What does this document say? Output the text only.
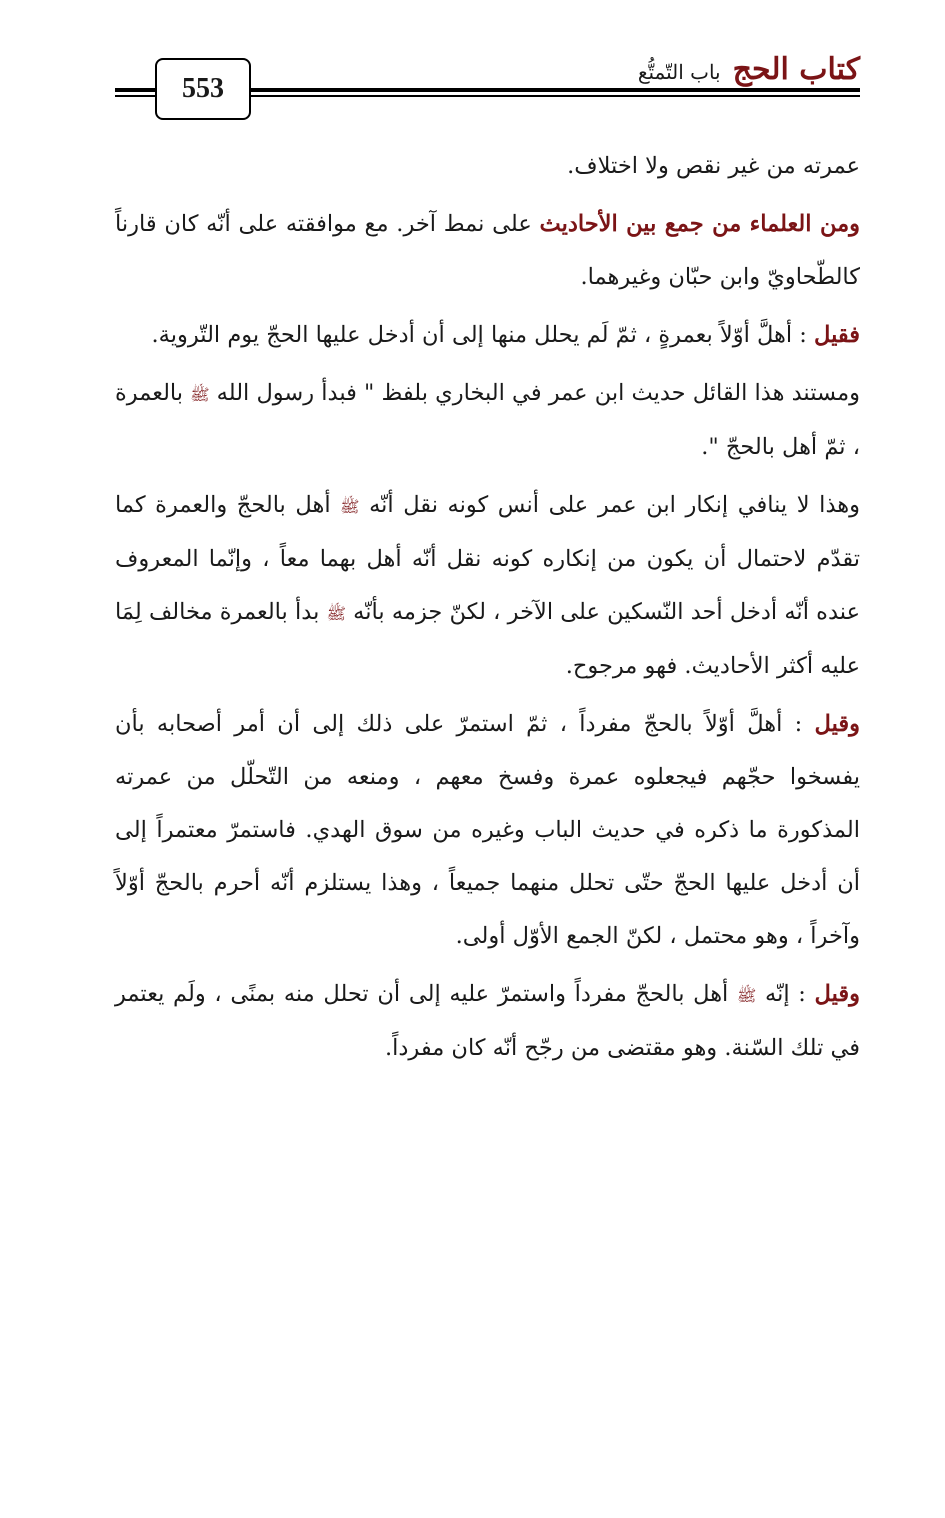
553
كتاب الحج
باب التّمتُّع

عمرته من غير نقص ولا اختلاف.

ومن العلماء من جمع بين الأحاديث على نمط آخر. مع موافقته على أنّه كان قارناً كالطّحاويّ وابن حبّان وغيرهما.

فقيل : أهلَّ أوّلاً بعمرةٍ ، ثمّ لَم يحلل منها إلى أن أدخل عليها الحجّ يوم التّروية.

ومستند هذا القائل حديث ابن عمر في البخاري بلفظ " فبدأ رسول الله ﷺ بالعمرة ، ثمّ أهل بالحجّ ".

وهذا لا ينافي إنكار ابن عمر على أنس كونه نقل أنّه ﷺ أهل بالحجّ والعمرة كما تقدّم لاحتمال أن يكون من إنكاره كونه نقل أنّه أهل بهما معاً ، وإنّما المعروف عنده أنّه أدخل أحد النّسكين على الآخر ، لكنّ جزمه بأنّه ﷺ بدأ بالعمرة مخالف لِمَا عليه أكثر الأحاديث. فهو مرجوح.

وقيل : أهلَّ أوّلاً بالحجّ مفرداً ، ثمّ استمرّ على ذلك إلى أن أمر أصحابه بأن يفسخوا حجّهم فيجعلوه عمرة وفسخ معهم ، ومنعه من التّحلّل من عمرته المذكورة ما ذكره في حديث الباب وغيره من سوق الهدي. فاستمرّ معتمراً إلى أن أدخل عليها الحجّ حتّى تحلل منهما جميعاً ، وهذا يستلزم أنّه أحرم بالحجّ أوّلاً وآخراً ، وهو محتمل ، لكنّ الجمع الأوّل أولى.

وقيل : إنّه ﷺ أهل بالحجّ مفرداً واستمرّ عليه إلى أن تحلل منه بمنًى ، ولَم يعتمر في تلك السّنة. وهو مقتضى من رجّح أنّه كان مفرداً.
